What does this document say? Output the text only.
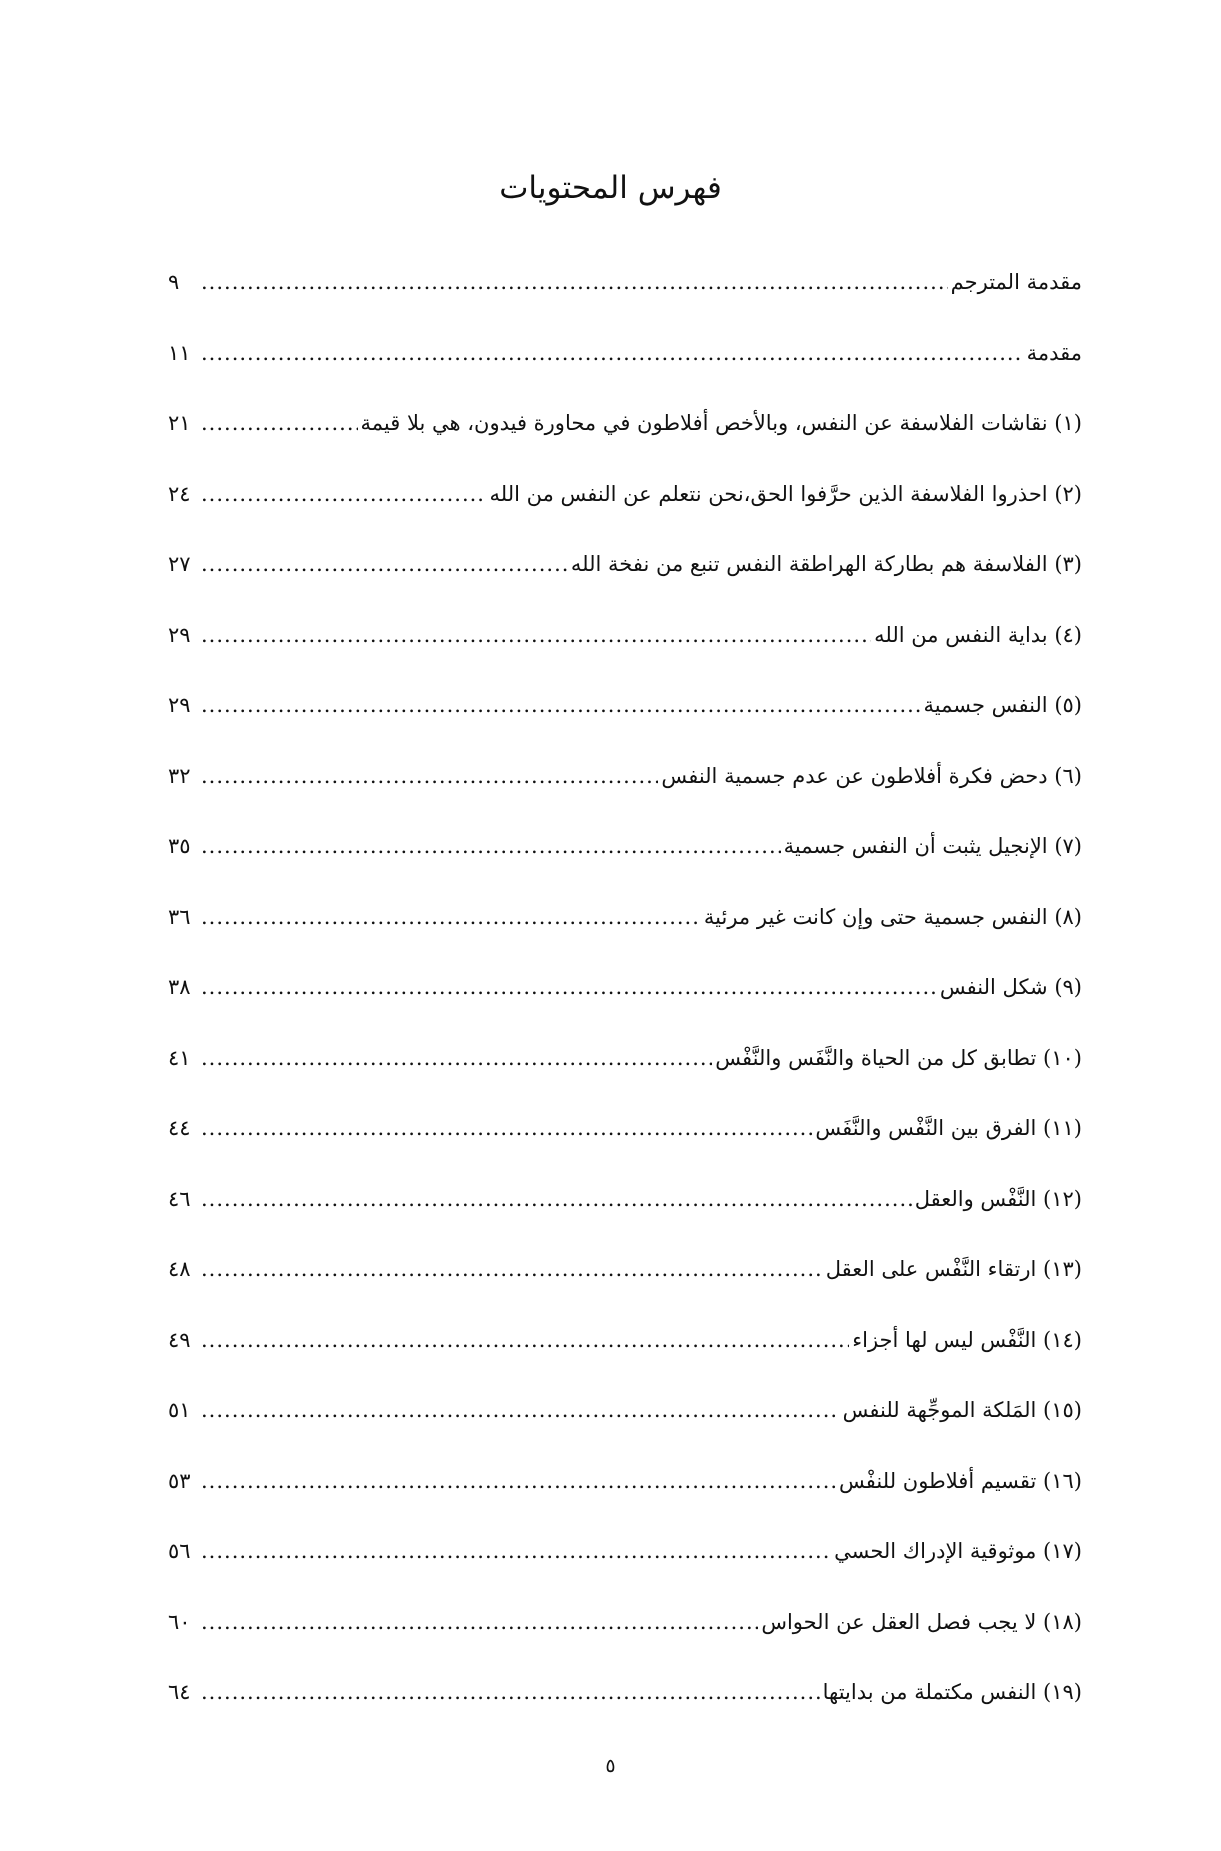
فهرس المحتويات
مقدمة المترجم
.....
٩
مقدمة
.....
١١
(١) نقاشات الفلاسفة عن النفس، وبالأخص أفلاطون في محاورة فيدون، هي بلا قيمة
.....
٢١
(٢) احذروا الفلاسفة الذين حرَّفوا الحق،نحن نتعلم عن النفس من الله
.....
٢٤
(٣) الفلاسفة هم بطاركة الهراطقة النفس تنبع من نفخة الله
.....
٢٧
(٤) بداية النفس من الله
.....
٢٩
(٥) النفس جسمية
.....
٢٩
(٦) دحض فكرة أفلاطون عن عدم جسمية النفس
.....
٣٢
(٧) الإنجيل يثبت أن النفس جسمية
.....
٣٥
(٨) النفس جسمية حتى وإن كانت غير مرئية
.....
٣٦
(٩) شكل النفس
.....
٣٨
(١٠) تطابق كل من الحياة والنَّفَس والنَّفْس
.....
٤١
(١١) الفرق بين النَّفْس والنَّفَس
.....
٤٤
(١٢) النَّفْس والعقل
.....
٤٦
(١٣) ارتقاء النَّفْس على العقل
.....
٤٨
(١٤) النَّفْس ليس لها أجزاء
.....
٤٩
(١٥) المَلكة الموجِّهة للنفس
.....
٥١
(١٦) تقسيم أفلاطون للنفْس
.....
٥٣
(١٧) موثوقية الإدراك الحسي
.....
٥٦
(١٨) لا يجب فصل العقل عن الحواس
.....
٦٠
(١٩) النفس مكتملة من بدايتها
.....
٦٤
٥
